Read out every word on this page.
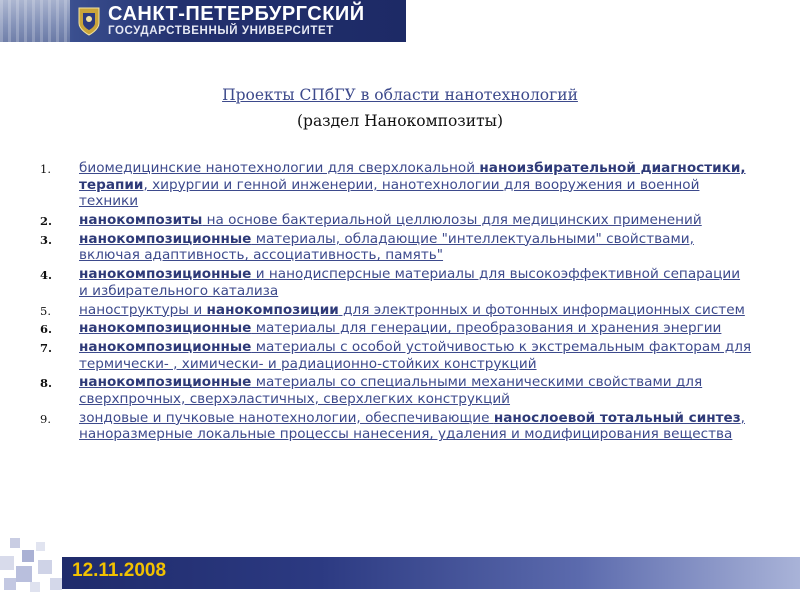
САНКТ-ПЕТЕРБУРГСКИЙ
ГОСУДАРСТВЕННЫЙ УНИВЕРСИТЕТ
Проекты СПбГУ в области нанотехнологий
(раздел Нанокомпозиты)
1. биомедицинские нанотехнологии для сверхлокальной наноизбирательной диагностики, терапии, хирургии и генной инженерии, нанотехнологии для вооружения и военной техники
2. нанокомпозиты на основе бактериальной целлюлозы для медицинских применений
3. нанокомпозиционные материалы, обладающие "интеллектуальными" свойствами, включая адаптивность, ассоциативность, память"
4. нанокомпозиционные и нанодисперсные материалы для высокоэффективной сепарации и избирательного катализа
5. наноструктуры и нанокомпозиции для электронных и фотонных информационных систем
6. нанокомпозиционные материалы для генерации, преобразования и хранения энергии
7. нанокомпозиционные материалы с особой устойчивостью к экстремальным факторам для термически- , химически- и радиационно-стойких конструкций
8. нанокомпозиционные материалы со специальными механическими свойствами для сверхпрочных, сверхэластичных, сверхлегких конструкций
9. зондовые и пучковые нанотехнологии, обеспечивающие нанослоевой тотальный синтез, наноразмерные локальные процессы нанесения, удаления и модифицирования вещества
12.11.2008
